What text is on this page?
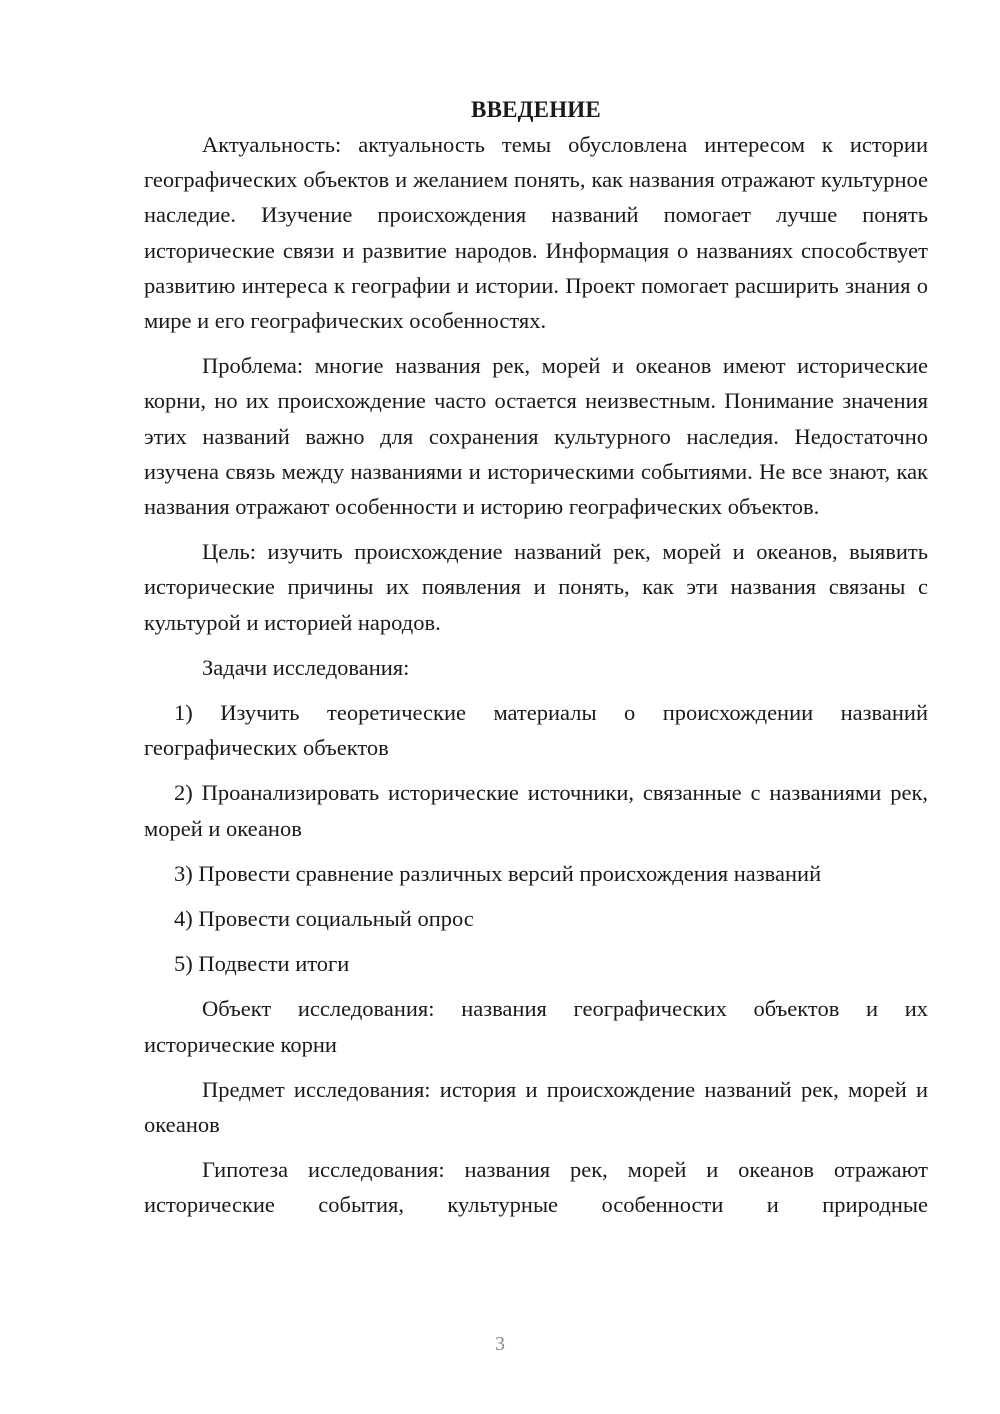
ВВЕДЕНИЕ

Актуальность: актуальность темы обусловлена интересом к истории географических объектов и желанием понять, как названия отражают культурное наследие. Изучение происхождения названий помогает лучше понять исторические связи и развитие народов. Информация о названиях способствует развитию интереса к географии и истории. Проект помогает расширить знания о мире и его географических особенностях.

Проблема: многие названия рек, морей и океанов имеют исторические корни, но их происхождение часто остается неизвестным. Понимание значения этих названий важно для сохранения культурного наследия. Недостаточно изучена связь между названиями и историческими событиями. Не все знают, как названия отражают особенности и историю географических объектов.

Цель: изучить происхождение названий рек, морей и океанов, выявить исторические причины их появления и понять, как эти названия связаны с культурой и историей народов.

Задачи исследования:

1) Изучить теоретические материалы о происхождении названий географических объектов

2) Проанализировать исторические источники, связанные с названиями рек, морей и океанов

3) Провести сравнение различных версий происхождения названий

4) Провести социальный опрос

5) Подвести итоги

Объект исследования: названия географических объектов и их исторические корни

Предмет исследования: история и происхождение названий рек, морей и океанов

Гипотеза исследования: названия рек, морей и океанов отражают исторические события, культурные особенности и природные

3
